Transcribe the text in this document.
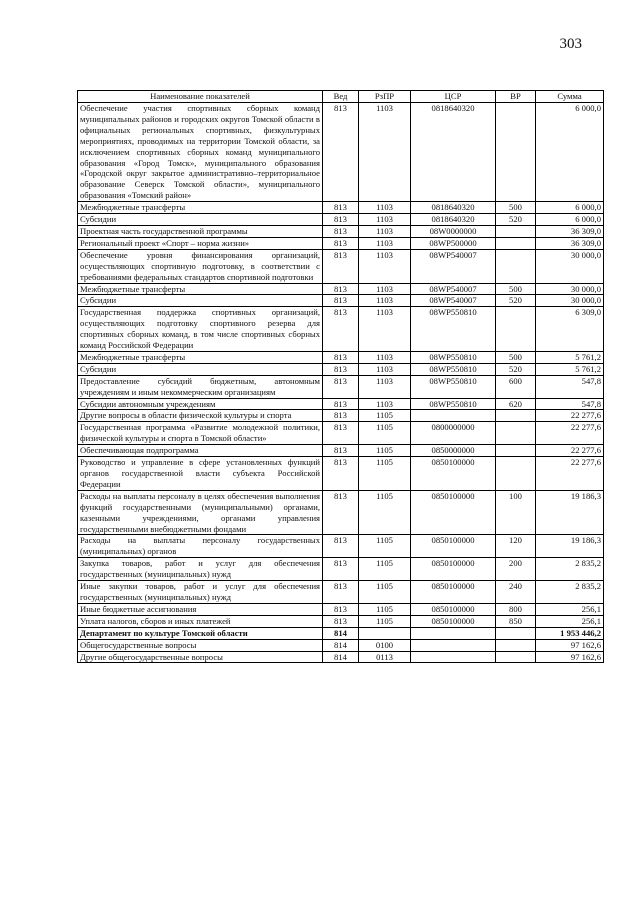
303
Наименование показателей	Вед	РзПР	ЦСР	ВР	Сумма
Обеспечение участия спортивных сборных команд муниципальных районов и городских округов Томской области в официальных региональных спортивных, физкультурных мероприятиях, проводимых на территории Томской области, за исключением спортивных сборных команд муниципального образования «Город Томск», муниципального образования «Городской округ закрытое административно–территориальное образование Северск Томской области», муниципального образования «Томский район»	813	1103	0818640320		6 000,0
Межбюджетные трансферты	813	1103	0818640320	500	6 000,0
Субсидии	813	1103	0818640320	520	6 000,0
Проектная часть государственной программы	813	1103	08W0000000		36 309,0
Региональный проект «Спорт – норма жизни»	813	1103	08WP500000		36 309,0
Обеспечение уровня финансирования организаций, осуществляющих спортивную подготовку, в соответствии с требованиями федеральных стандартов спортивной подготовки	813	1103	08WP540007		30 000,0
Межбюджетные трансферты	813	1103	08WP540007	500	30 000,0
Субсидии	813	1103	08WP540007	520	30 000,0
Государственная поддержка спортивных организаций, осуществляющих подготовку спортивного резерва для спортивных сборных команд, в том числе спортивных сборных команд Российской Федерации	813	1103	08WP550810		6 309,0
Межбюджетные трансферты	813	1103	08WP550810	500	5 761,2
Субсидии	813	1103	08WP550810	520	5 761,2
Предоставление субсидий бюджетным, автономным учреждениям и иным некоммерческим организациям	813	1103	08WP550810	600	547,8
Субсидии автономным учреждениям	813	1103	08WP550810	620	547,8
Другие вопросы в области физической культуры и спорта	813	1105			22 277,6
Государственная программа «Развитие молодежной политики, физической культуры и спорта в Томской области»	813	1105	0800000000		22 277,6
Обеспечивающая подпрограмма	813	1105	0850000000		22 277,6
Руководство и управление в сфере установленных функций органов государственной власти субъекта Российской Федерации	813	1105	0850100000		22 277,6
Расходы на выплаты персоналу в целях обеспечения выполнения функций государственными (муниципальными) органами, казенными учреждениями, органами управления государственными внебюджетными фондами	813	1105	0850100000	100	19 186,3
Расходы на выплаты персоналу государственных (муниципальных) органов	813	1105	0850100000	120	19 186,3
Закупка товаров, работ и услуг для обеспечения государственных (муниципальных) нужд	813	1105	0850100000	200	2 835,2
Иные закупки товаров, работ и услуг для обеспечения государственных (муниципальных) нужд	813	1105	0850100000	240	2 835,2
Иные бюджетные ассигнования	813	1105	0850100000	800	256,1
Уплата налогов, сборов и иных платежей	813	1105	0850100000	850	256,1
Департамент по культуре Томской области	814				1 953 446,2
Общегосударственные вопросы	814	0100			97 162,6
Другие общегосударственные вопросы	814	0113			97 162,6
